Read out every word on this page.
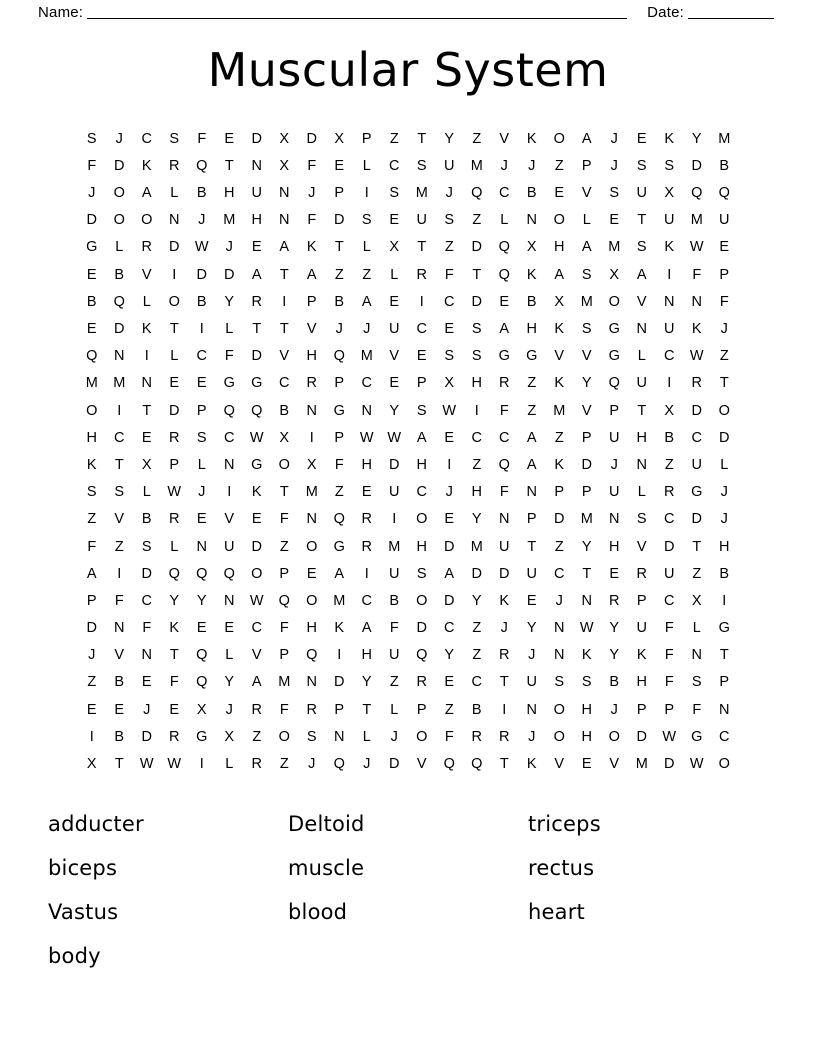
Name:	Date:
Muscular System
S	J	C	S	F	E	D	X	D	X	P	Z	T	Y	Z	V	K	O	A	J	E	K	Y	M
F	D	K	R	Q	T	N	X	F	E	L	C	S	U	M	J	J	Z	P	J	S	S	D	B
J	O	A	L	B	H	U	N	J	P	I	S	M	J	Q	C	B	E	V	S	U	X	Q	Q
D	O	O	N	J	M	H	N	F	D	S	E	U	S	Z	L	N	O	L	E	T	U	M	U
G	L	R	D	W	J	E	A	K	T	L	X	T	Z	D	Q	X	H	A	M	S	K	W	E
E	B	V	I	D	D	A	T	A	Z	Z	L	R	F	T	Q	K	A	S	X	A	I	F	P
B	Q	L	O	B	Y	R	I	P	B	A	E	I	C	D	E	B	X	M	O	V	N	N	F
E	D	K	T	I	L	T	T	V	J	J	U	C	E	S	A	H	K	S	G	N	U	K	J
Q	N	I	L	C	F	D	V	H	Q	M	V	E	S	S	G	G	V	V	G	L	C	W	Z
M	M	N	E	E	G	G	C	R	P	C	E	P	X	H	R	Z	K	Y	Q	U	I	R	T
O	I	T	D	P	Q	Q	B	N	G	N	Y	S	W	I	F	Z	M	V	P	T	X	D	O
H	C	E	R	S	C	W	X	I	P	W W	A	E	C	C	A	Z	P	U	H	B	C	D
K	T	X	P	L	N	G	O	X	F	H	D	H	I	Z	Q	A	K	D	J	N	Z	U	L
S	S	L	W	J	I	K	T	M	Z	E	U	C	J	H	F	N	P	P	U	L	R	G	J
Z	V	B	R	E	V	E	F	N	Q	R	I	O	E	Y	N	P	D	M	N	S	C	D	J
F	Z	S	L	N	U	D	Z	O	G	R	M	H	D	M	U	T	Z	Y	H	V	D	T	H
A	I	D	Q	Q	Q	O	P	E	A	I	U	S	A	D	D	U	C	T	E	R	U	Z	B
P	F	C	Y	Y	N	W	Q	O	M	C	B	O	D	Y	K	E	J	N	R	P	C	X	I
D	N	F	K	E	E	C	F	H	K	A	F	D	C	Z	J	Y	N	W	Y	U	F	L	G
J	V	N	T	Q	L	V	P	Q	I	H	U	Q	Y	Z	R	J	N	K	Y	K	F	N	T
Z	B	E	F	Q	Y	A	M	N	D	Y	Z	R	E	C	T	U	S	S	B	H	F	S	P
E	E	J	E	X	J	R	F	R	P	T	L	P	Z	B	I	N	O	H	J	P	P	F	N
I	B	D	R	G	X	Z	O	S	N	L	J	O	F	R	R	J	O	H	O	D	W	G	C
X	T	W W	I	L	R	Z	J	Q	J	D	V	Q	Q	T	K	V	E	V	M	D	W	O
adducter	Deltoid	triceps
biceps	muscle	rectus
Vastus	blood	heart
body
